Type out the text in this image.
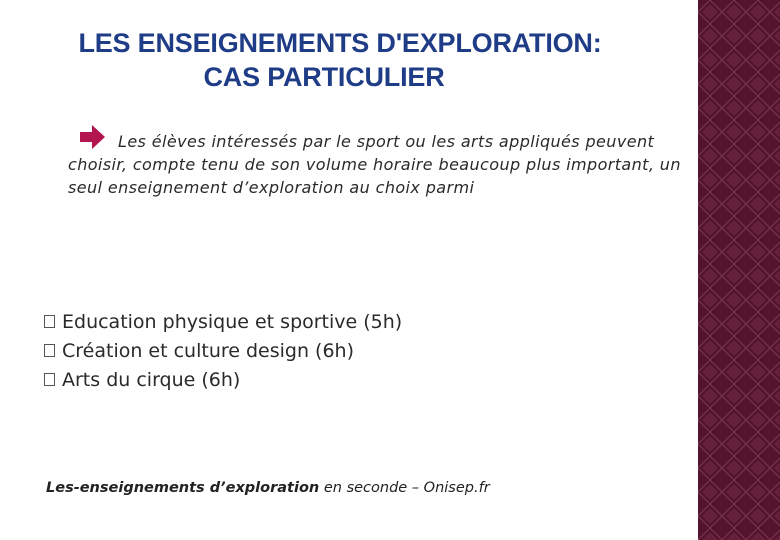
LES ENSEIGNEMENTS D'EXPLORATION:
CAS PARTICULIER

Les élèves intéressés par le sport ou les arts appliqués peuvent choisir, compte tenu de son volume horaire beaucoup plus important, un seul enseignement d’exploration au choix parmi

Education physique et sportive (5h)
Création et culture design (6h)
Arts du cirque (6h)

Les-enseignements d’exploration en seconde – Onisep.fr
